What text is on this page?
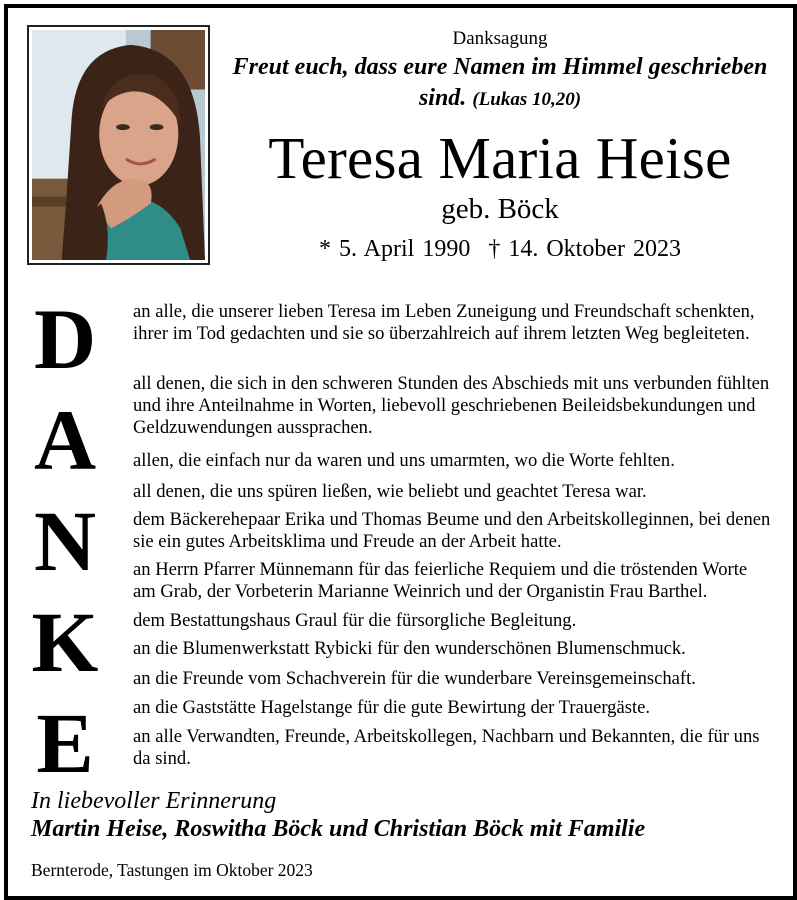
Danksagung
Freut euch, dass eure Namen im Himmel geschrieben sind. (Lukas 10,20)
Teresa Maria Heise
geb. Böck
* 5. April 1990 † 14. Oktober 2023
D
A
N
K
E
an alle, die unserer lieben Teresa im Leben Zuneigung und Freundschaft schenkten, ihrer im Tod gedachten und sie so überzahlreich auf ihrem letzten Weg begleiteten.
all denen, die sich in den schweren Stunden des Abschieds mit uns verbunden fühlten und ihre Anteilnahme in Worten, liebevoll geschriebenen Beileidsbekundungen und Geldzuwendungen aussprachen.
allen, die einfach nur da waren und uns umarmten, wo die Worte fehlten.
all denen, die uns spüren ließen, wie beliebt und geachtet Teresa war.
dem Bäckerehepaar Erika und Thomas Beume und den Arbeitskolleginnen, bei denen sie ein gutes Arbeitsklima und Freude an der Arbeit hatte.
an Herrn Pfarrer Münnemann für das feierliche Requiem und die tröstenden Worte am Grab, der Vorbeterin Marianne Weinrich und der Organistin Frau Barthel.
dem Bestattungshaus Graul für die fürsorgliche Begleitung.
an die Blumenwerkstatt Rybicki für den wunderschönen Blumenschmuck.
an die Freunde vom Schachverein für die wunderbare Vereinsgemeinschaft.
an die Gaststätte Hagelstange für die gute Bewirtung der Trauergäste.
an alle Verwandten, Freunde, Arbeitskollegen, Nachbarn und Bekannten, die für uns da sind.
In liebevoller Erinnerung
Martin Heise, Roswitha Böck und Christian Böck mit Familie
Bernterode, Tastungen im Oktober 2023
